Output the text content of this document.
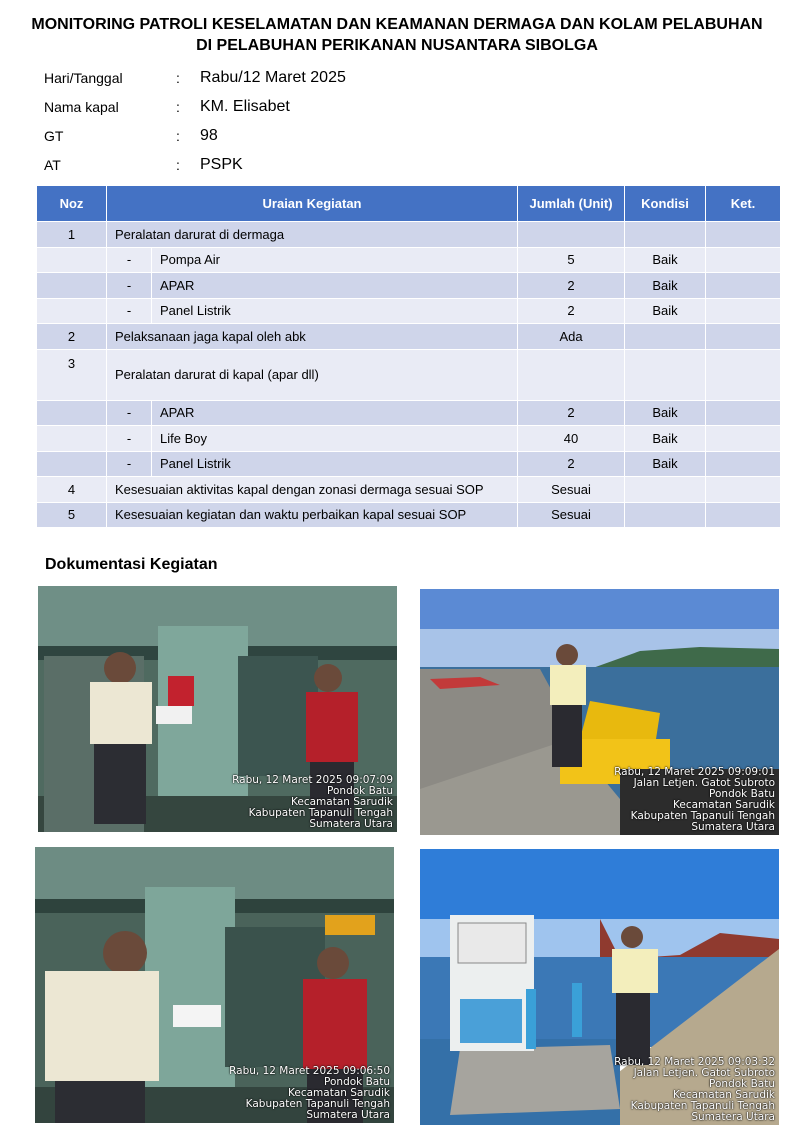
MONITORING PATROLI KESELAMATAN DAN KEAMANAN DERMAGA DAN KOLAM PELABUHAN
DI PELABUHAN PERIKANAN NUSANTARA SIBOLGA
Hari/Tanggal	: Rabu/12 Maret 2025
Nama kapal	: KM. Elisabet
GT	: 98
AT	: PSPK
Noz	Uraian Kegiatan		Jumlah (Unit)	Kondisi	Ket.
1	Peralatan darurat di dermaga				
	-	Pompa Air	5	Baik	
	-	APAR	2	Baik	
	-	Panel Listrik	2	Baik	
2	Pelaksanaan jaga kapal oleh abk		Ada		
3	Peralatan darurat di kapal (apar dll)				
	-	APAR	2	Baik	
	-	Life Boy	40	Baik	
	-	Panel Listrik	2	Baik	
4	Kesesuaian aktivitas kapal dengan zonasi dermaga sesuai SOP		Sesuai		
5	Kesesuaian kegiatan dan waktu perbaikan kapal sesuai SOP		Sesuai		
Dokumentasi Kegiatan
Rabu, 12 Maret 2025 09:07:09
Pondok Batu
Kecamatan Sarudik
Kabupaten Tapanuli Tengah
Sumatera Utara
Rabu, 12 Maret 2025 09:09:01
Jalan Letjen. Gatot Subroto
Pondok Batu
Kecamatan Sarudik
Kabupaten Tapanuli Tengah
Sumatera Utara
Rabu, 12 Maret 2025 09:06:50
Pondok Batu
Kecamatan Sarudik
Kabupaten Tapanuli Tengah
Sumatera Utara
Rabu, 12 Maret 2025 09:03:32
Jalan Letjen. Gatot Subroto
Pondok Batu
Kecamatan Sarudik
Kabupaten Tapanuli Tengah
Sumatera Utara
